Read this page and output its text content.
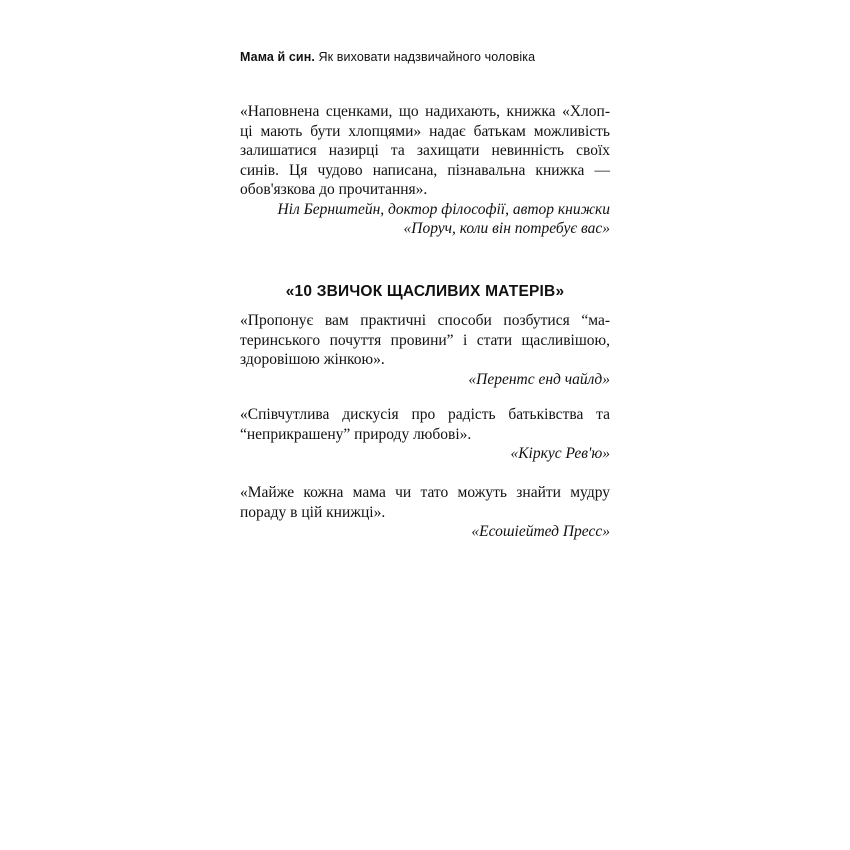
Мама й син. Як виховати надзвичайного чоловіка

«Наповнена сценками, що надихають, книжка «Хлоп-
ці мають бути хлопцями» надає батькам можливість
залишатися назирці та захищати невинність своїх
синів. Ця чудово написана, пізнавальна книжка —
обов'язкова до прочитання».

Ніл Бернштейн, доктор філософії, автор книжки
«Поруч, коли він потребує вас»
«10 ЗВИЧОК ЩАСЛИВИХ МАТЕРІВ»

«Пропонує вам практичні способи позбутися “ма-
теринського почуття провини” і стати щасливішою,
здоровішою жінкою».

«Перентс енд чайлд»

«Співчутлива дискусія про радість батьківства та
“неприкрашену” природу любові».

«Кіркус Рев'ю»

«Майже кожна мама чи тато можуть знайти мудру
пораду в цій книжці».

«Есошіейтед Пресс»
